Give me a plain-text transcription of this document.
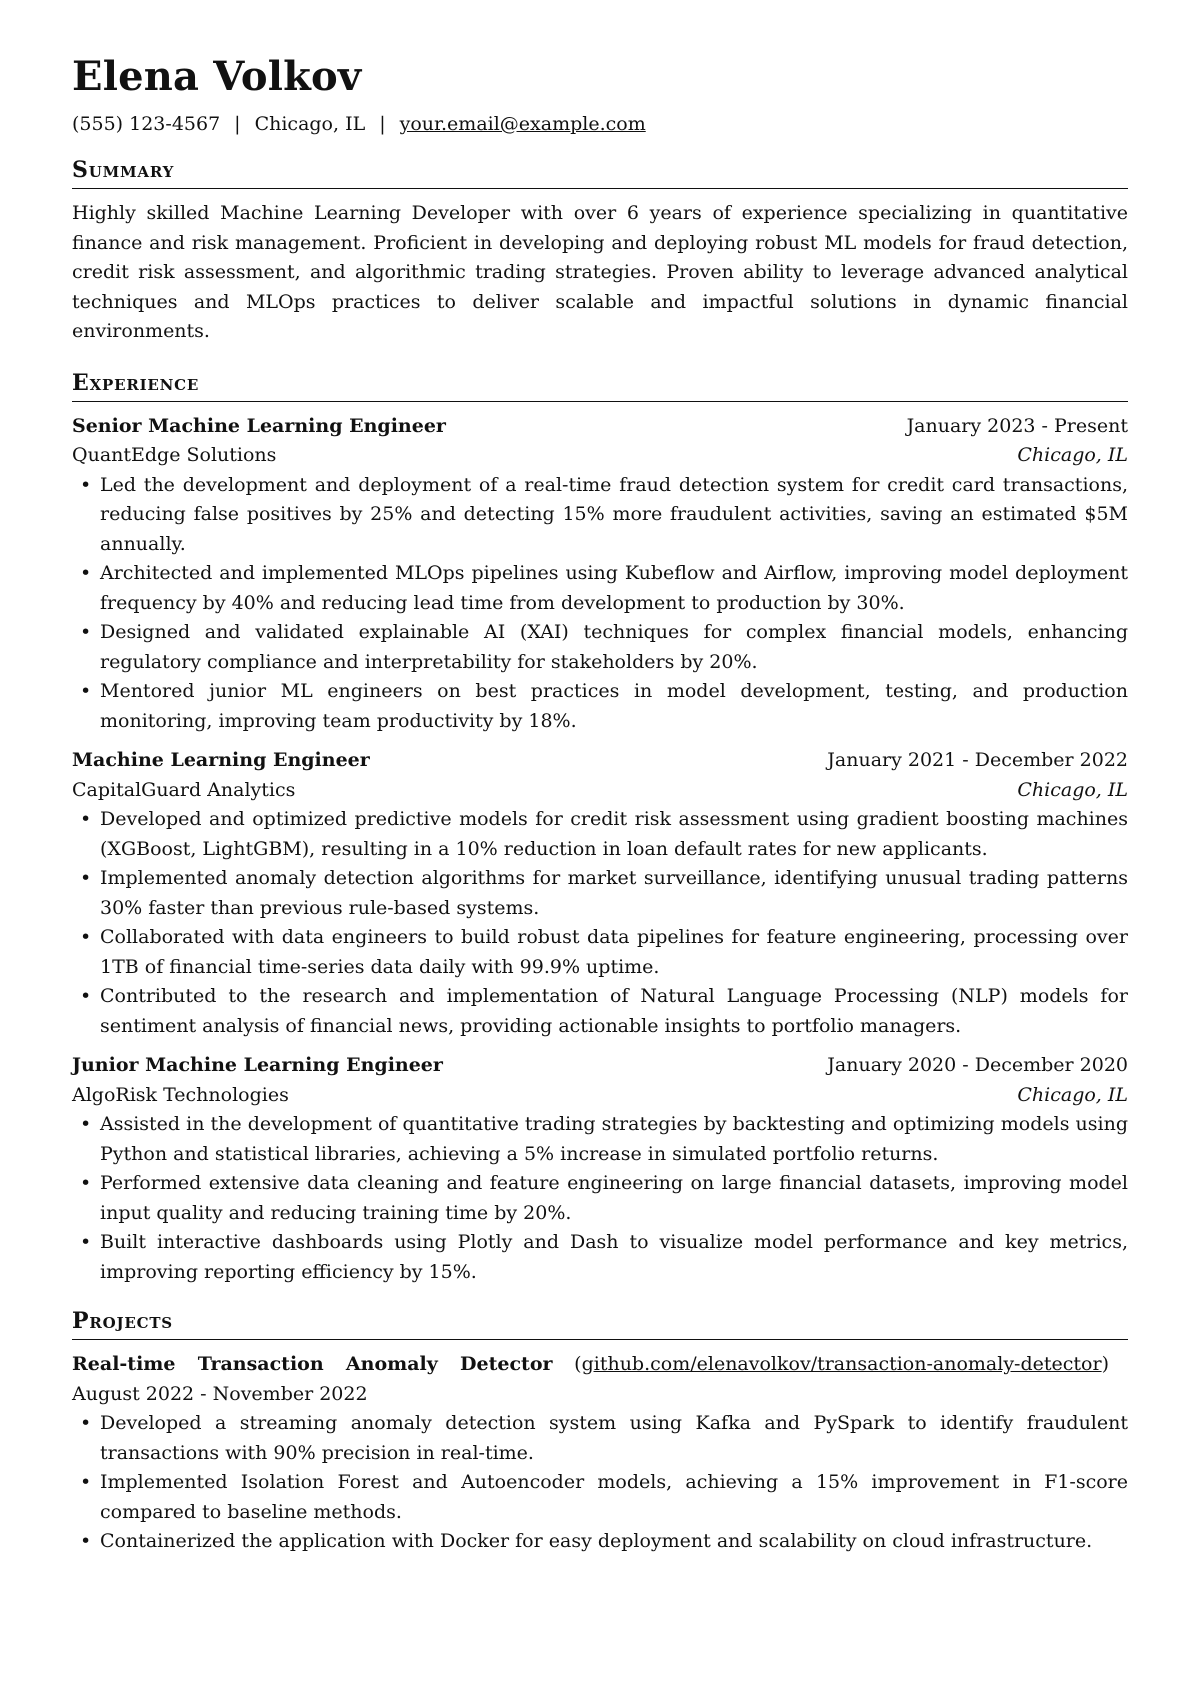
Elena Volkov
(555) 123-4567 | Chicago, IL | your.email@example.com
Summary

Highly skilled Machine Learning Developer with over 6 years of experience specializing in quantitative finance and risk management. Proficient in developing and deploying robust ML models for fraud detection, credit risk assessment, and algorithmic trading strategies. Proven ability to leverage advanced analytical techniques and MLOps practices to deliver scalable and impactful solutions in dynamic financial environments.

Experience
Senior Machine Learning Engineer	January 2023 - Present
QuantEdge Solutions	Chicago, IL
• Led the development and deployment of a real-time fraud detection system for credit card transactions, reducing false positives by 25% and detecting 15% more fraudulent activities, saving an estimated $5M annually.
• Architected and implemented MLOps pipelines using Kubeflow and Airflow, improving model deployment frequency by 40% and reducing lead time from development to production by 30%.
• Designed and validated explainable AI (XAI) techniques for complex financial models, enhancing regulatory compliance and interpretability for stakeholders by 20%.
• Mentored junior ML engineers on best practices in model development, testing, and production monitoring, improving team productivity by 18%.
Machine Learning Engineer	January 2021 - December 2022
CapitalGuard Analytics	Chicago, IL
• Developed and optimized predictive models for credit risk assessment using gradient boosting machines (XGBoost, LightGBM), resulting in a 10% reduction in loan default rates for new applicants.
• Implemented anomaly detection algorithms for market surveillance, identifying unusual trading patterns 30% faster than previous rule-based systems.
• Collaborated with data engineers to build robust data pipelines for feature engineering, processing over 1TB of financial time-series data daily with 99.9% uptime.
• Contributed to the research and implementation of Natural Language Processing (NLP) models for sentiment analysis of financial news, providing actionable insights to portfolio managers.
Junior Machine Learning Engineer	January 2020 - December 2020
AlgoRisk Technologies	Chicago, IL
• Assisted in the development of quantitative trading strategies by backtesting and optimizing models using Python and statistical libraries, achieving a 5% increase in simulated portfolio returns.
• Performed extensive data cleaning and feature engineering on large financial datasets, improving model input quality and reducing training time by 20%.
• Built interactive dashboards using Plotly and Dash to visualize model performance and key metrics, improving reporting efficiency by 15%.
Projects
Real-time Transaction Anomaly Detector (github.com/elenavolkov/transaction-anomaly-detector) August 2022 - November 2022
• Developed a streaming anomaly detection system using Kafka and PySpark to identify fraudulent transactions with 90% precision in real-time.
• Implemented Isolation Forest and Autoencoder models, achieving a 15% improvement in F1-score compared to baseline methods.
• Containerized the application with Docker for easy deployment and scalability on cloud infrastructure.
